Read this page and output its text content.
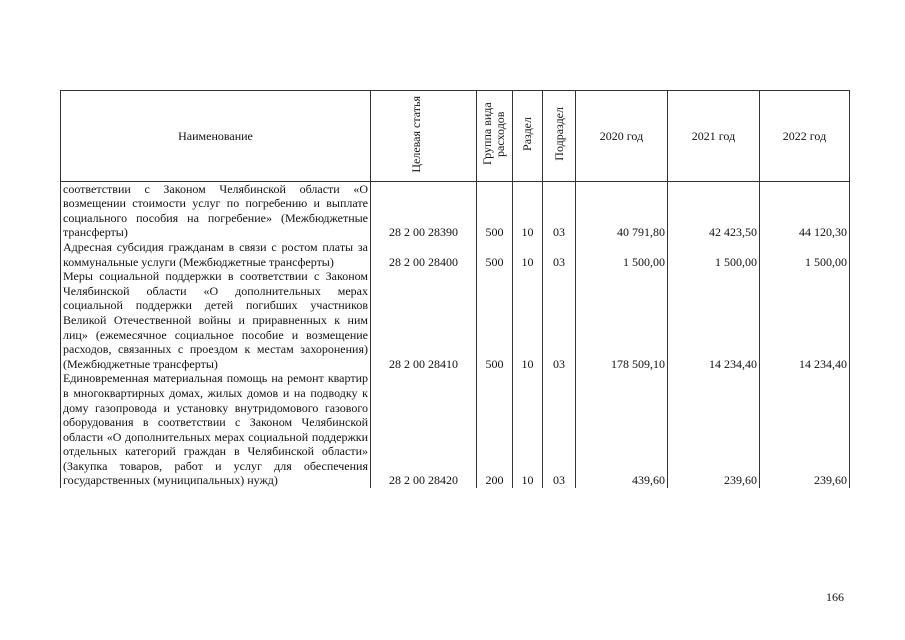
Наименование	Целевая статья	Группа вида расходов	Раздел	Подраздел	2020 год	2021 год	2022 год
соответствии с Законом Челябинской области «О возмещении стоимости услуг по погребению и выплате социального пособия на погребение» (Межбюджетные трансферты)	28 2 00 28390	500	10	03	40 791,80	42 423,50	44 120,30
Адресная субсидия гражданам в связи с ростом платы за коммунальные услуги (Межбюджетные трансферты)	28 2 00 28400	500	10	03	1 500,00	1 500,00	1 500,00
Меры социальной поддержки в соответствии с Законом Челябинской области «О дополнительных мерах социальной поддержки детей погибших участников Великой Отечественной войны и приравненных к ним лиц» (ежемесячное социальное пособие и возмещение расходов, связанных с проездом к местам захоронения) (Межбюджетные трансферты)	28 2 00 28410	500	10	03	178 509,10	14 234,40	14 234,40
Единовременная материальная помощь на ремонт квартир в многоквартирных домах, жилых домов и на подводку к дому газопровода и установку внутридомового газового оборудования в соответствии с Законом Челябинской области «О дополнительных мерах социальной поддержки отдельных категорий граждан в Челябинской области» (Закупка товаров, работ и услуг для обеспечения государственных (муниципальных) нужд)	28 2 00 28420	200	10	03	439,60	239,60	239,60
166
